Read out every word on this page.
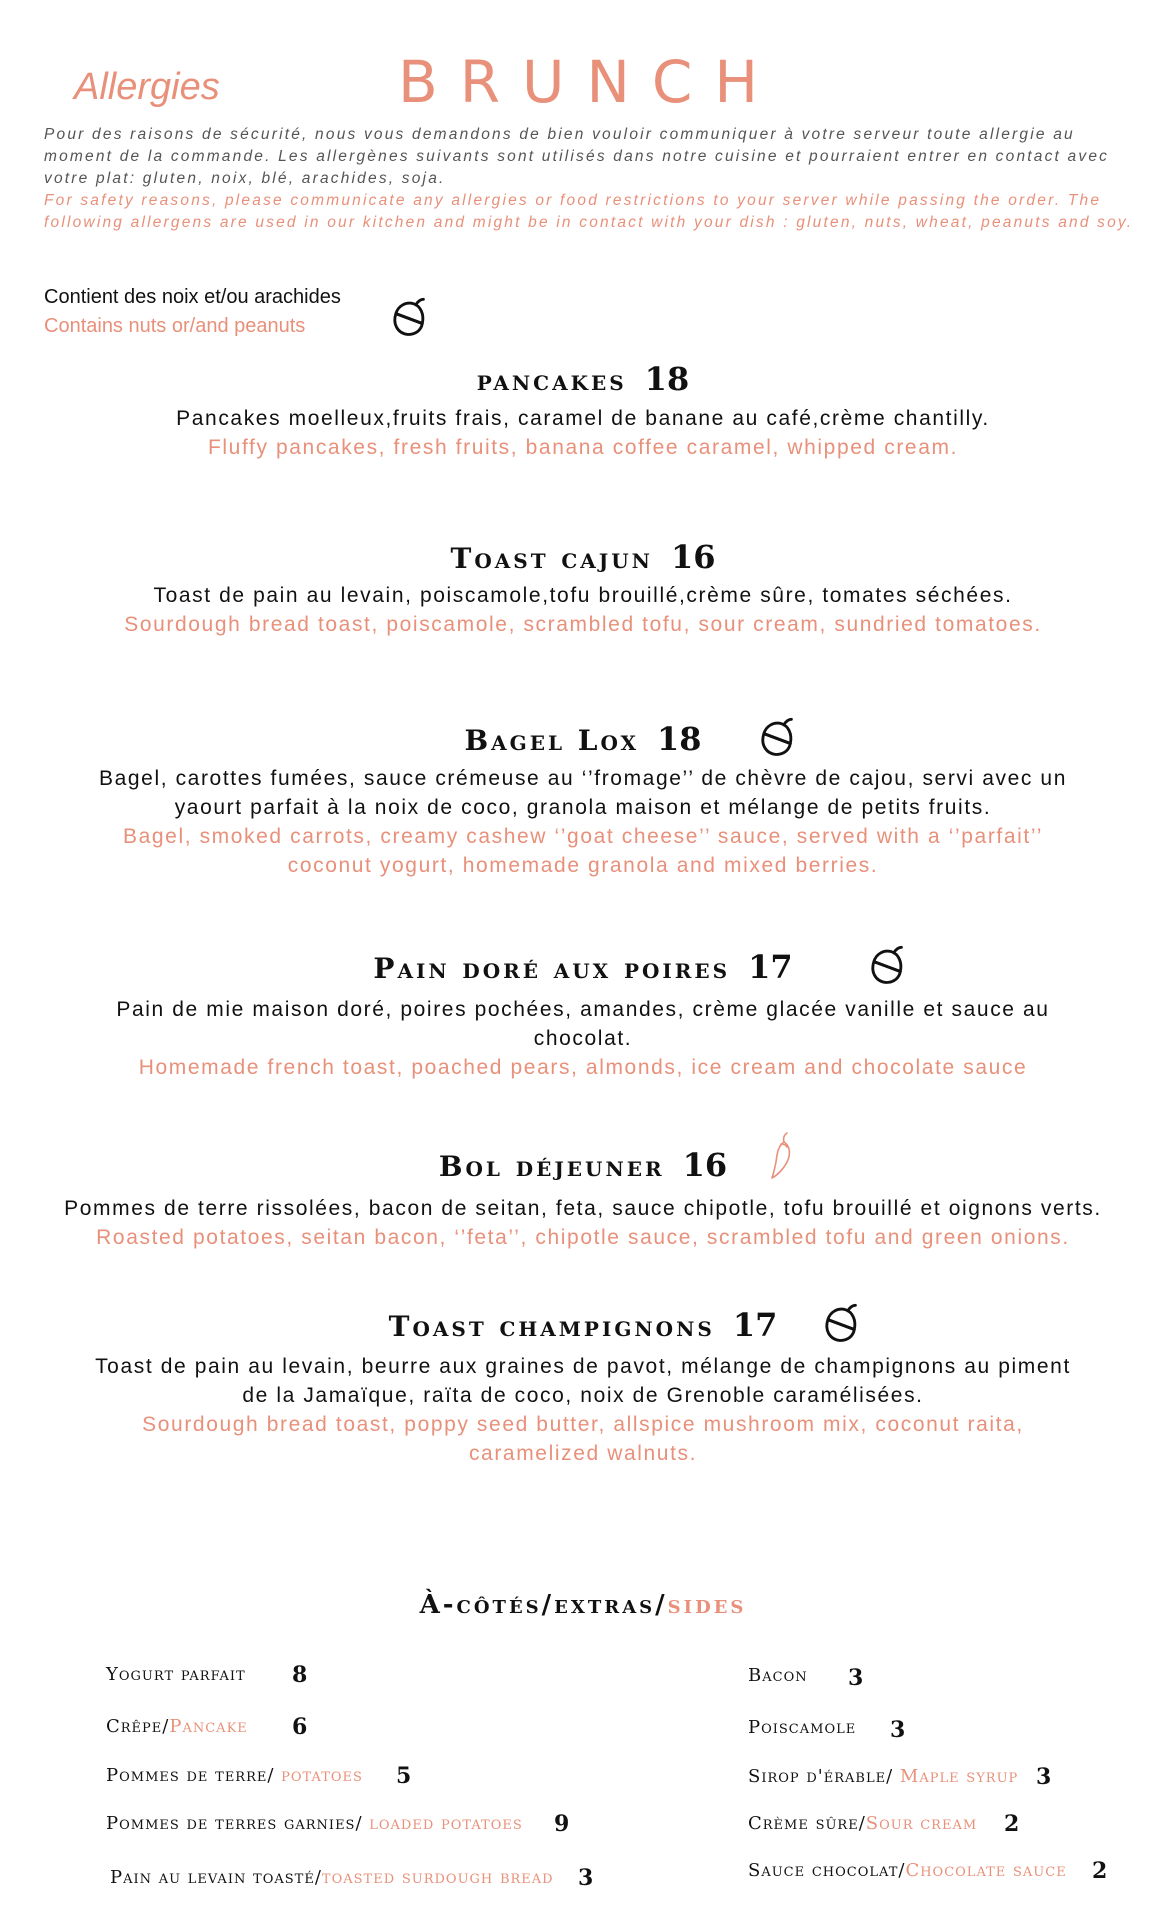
Allergies	BRUNCH
Pour des raisons de sécurité, nous vous demandons de bien vouloir communiquer à votre serveur toute allergie au moment de la commande. Les allergènes suivants sont utilisés dans notre cuisine et pourraient entrer en contact avec votre plat: gluten, noix, blé, arachides, soja.
For safety reasons, please communicate any allergies or food restrictions to your server while passing the order. The following allergens are used in our kitchen and might be in contact with your dish : gluten, nuts, wheat, peanuts and soy.
Contient des noix et/ou arachides
Contains nuts or/and peanuts
pancakes 18
Pancakes moelleux,fruits frais, caramel de banane au café,crème chantilly.
Fluffy pancakes, fresh fruits, banana coffee caramel, whipped cream.
Toast cajun 16
Toast de pain au levain, poiscamole,tofu brouillé,crème sûre, tomates séchées.
Sourdough bread toast, poiscamole, scrambled tofu, sour cream, sundried tomatoes.
Bagel Lox 18
Bagel, carottes fumées, sauce crémeuse au ‘’fromage’’ de chèvre de cajou, servi avec un yaourt parfait à la noix de coco, granola maison et mélange de petits fruits.
Bagel, smoked carrots, creamy cashew ‘’goat cheese’’ sauce, served with a ‘’parfait’’ coconut yogurt, homemade granola and mixed berries.
Pain doré aux poires 17
Pain de mie maison doré, poires pochées, amandes, crème glacée vanille et sauce au chocolat.
Homemade french toast, poached pears, almonds, ice cream and chocolate sauce
Bol déjeuner 16
Pommes de terre rissolées, bacon de seitan, feta, sauce chipotle, tofu brouillé et oignons verts.
Roasted potatoes, seitan bacon, ‘’feta’’, chipotle sauce, scrambled tofu and green onions.
Toast champignons 17
Toast de pain au levain, beurre aux graines de pavot, mélange de champignons au piment de la Jamaïque, raïta de coco, noix de Grenoble caramélisées.
Sourdough bread toast, poppy seed butter, allspice mushroom mix, coconut raita, caramelized walnuts.
À-côtés/extras/sides
Yogurt parfait 8
Crêpe/Pancake 6
Pommes de terre/ potatoes 5
Pommes de terres garnies/ loaded potatoes 9
Pain au levain toasté/toasted surdough bread 3
Bacon 3
Poiscamole 3
Sirop d'érable/ Maple syrup 3
Crème sûre/Sour cream 2
Sauce chocolat/Chocolate sauce 2
